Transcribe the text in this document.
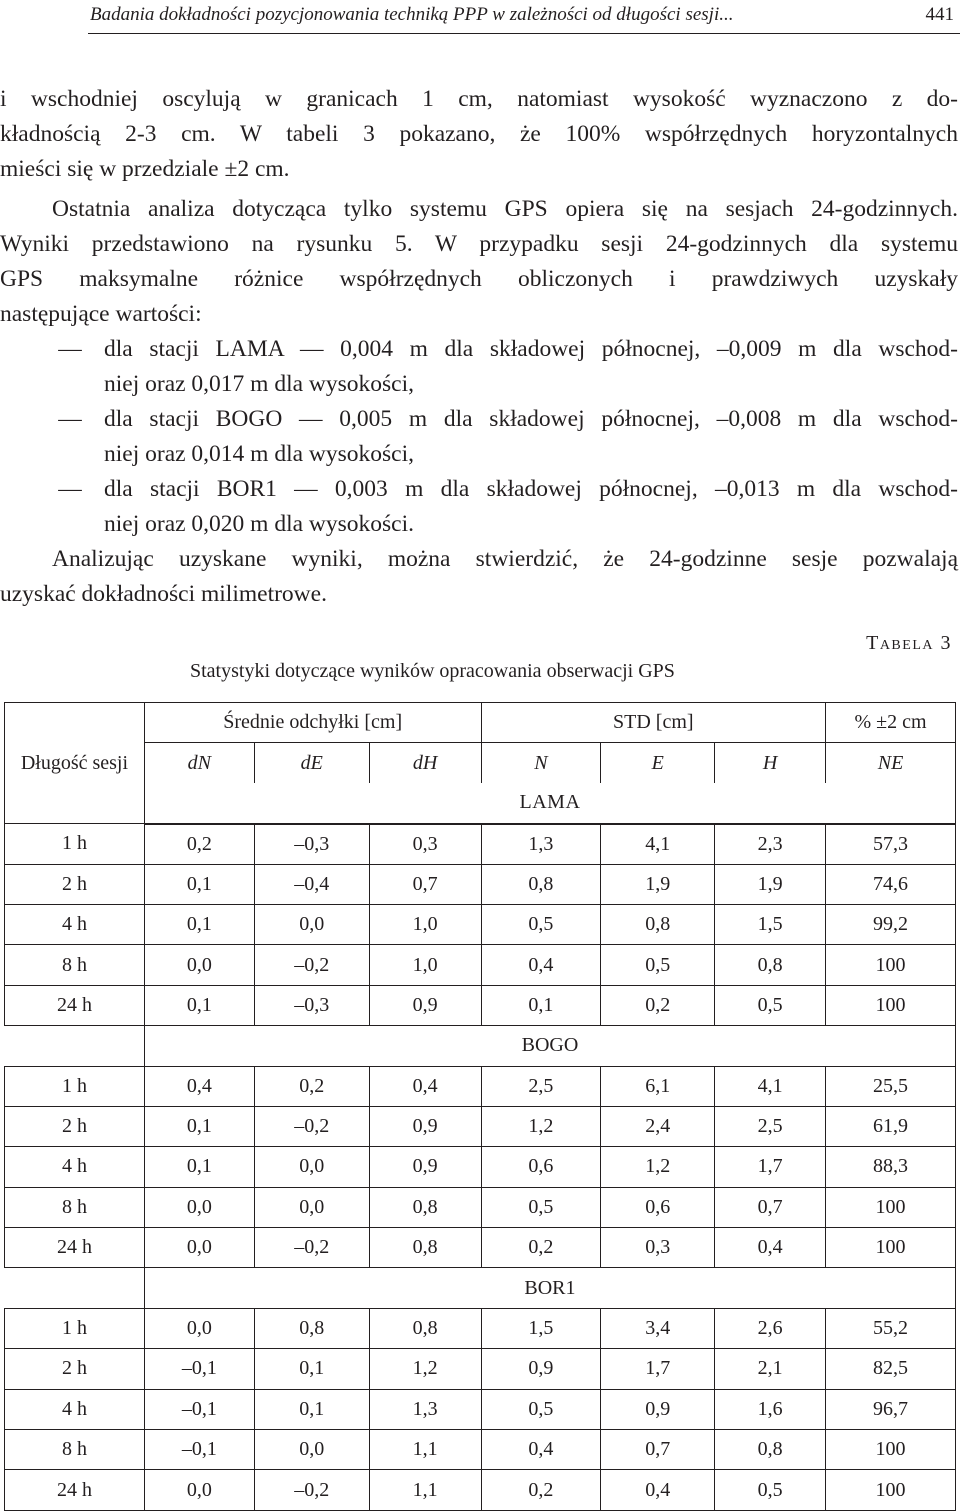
Badania dokładności pozycjonowania techniką PPP w zależności od długości sesji...	441
i wschodniej oscylują w granicach 1 cm, natomiast wysokość wyznaczono z do-
kładnością 2-3 cm. W tabeli 3 pokazano, że 100% współrzędnych horyzontalnych
mieści się w przedziale ±2 cm.
Ostatnia analiza dotycząca tylko systemu GPS opiera się na sesjach 24-godzinnych.
Wyniki przedstawiono na rysunku 5. W przypadku sesji 24-godzinnych dla systemu
GPS maksymalne różnice współrzędnych obliczonych i prawdziwych uzyskały
następujące wartości:
— dla stacji LAMA — 0,004 m dla składowej północnej, –0,009 m dla wschod-
niej oraz 0,017 m dla wysokości,
— dla stacji BOGO — 0,005 m dla składowej północnej, –0,008 m dla wschod-
niej oraz 0,014 m dla wysokości,
— dla stacji BOR1 — 0,003 m dla składowej północnej, –0,013 m dla wschod-
niej oraz 0,020 m dla wysokości.
Analizując uzyskane wyniki, można stwierdzić, że 24-godzinne sesje pozwalają
uzyskać dokładności milimetrowe.
Tabela 3
Statystyki dotyczące wyników opracowania obserwacji GPS
Długość sesji	Średnie odchyłki [cm]			STD [cm]			% ±2 cm
	dN	dE	dH	N	E	H	NE
	LAMA						
1 h	0,2	–0,3	0,3	1,3	4,1	2,3	57,3
2 h	0,1	–0,4	0,7	0,8	1,9	1,9	74,6
4 h	0,1	0,0	1,0	0,5	0,8	1,5	99,2
8 h	0,0	–0,2	1,0	0,4	0,5	0,8	100
24 h	0,1	–0,3	0,9	0,1	0,2	0,5	100
	BOGO						
1 h	0,4	0,2	0,4	2,5	6,1	4,1	25,5
2 h	0,1	–0,2	0,9	1,2	2,4	2,5	61,9
4 h	0,1	0,0	0,9	0,6	1,2	1,7	88,3
8 h	0,0	0,0	0,8	0,5	0,6	0,7	100
24 h	0,0	–0,2	0,8	0,2	0,3	0,4	100
	BOR1						
1 h	0,0	0,8	0,8	1,5	3,4	2,6	55,2
2 h	–0,1	0,1	1,2	0,9	1,7	2,1	82,5
4 h	–0,1	0,1	1,3	0,5	0,9	1,6	96,7
8 h	–0,1	0,0	1,1	0,4	0,7	0,8	100
24 h	0,0	–0,2	1,1	0,2	0,4	0,5	100
